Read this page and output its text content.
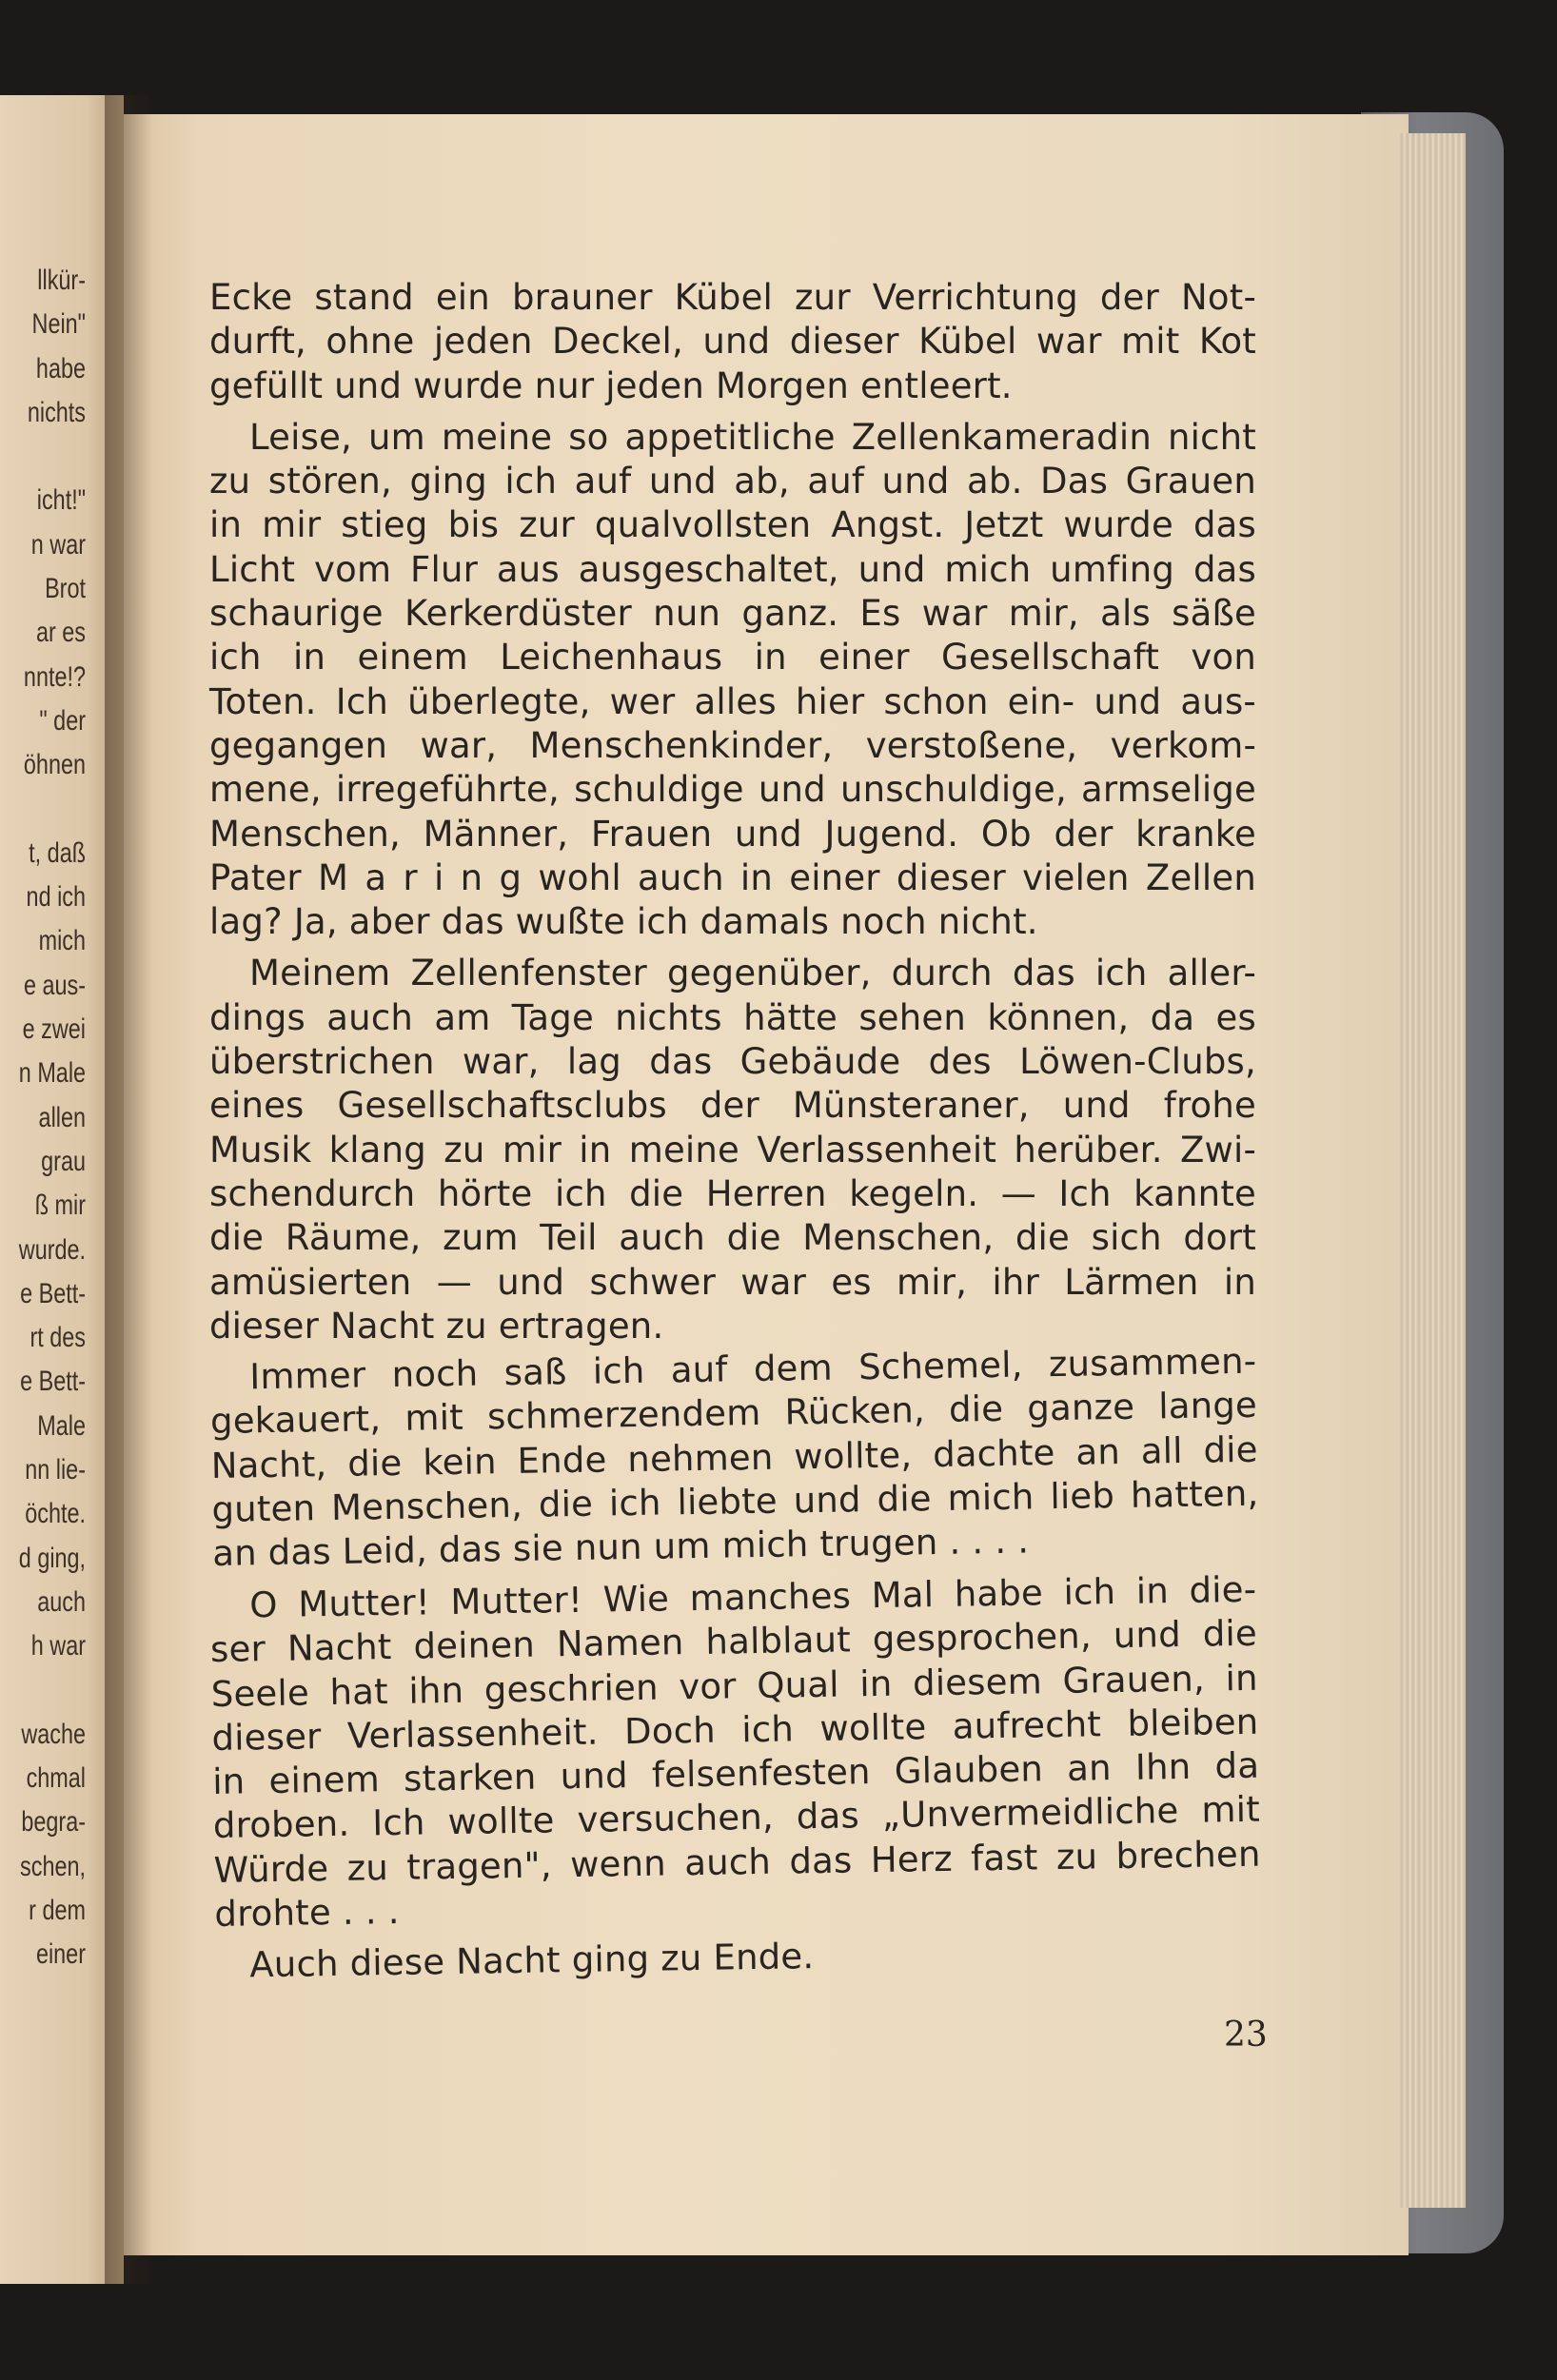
llkür-
Nein"
habe
nichts
icht!"
n war
Brot
ar es
nnte!?
" der
öhnen
t, daß
nd ich
mich
e aus-
e zwei
n Male
allen
grau
ß mir
wurde.
e Bett-
rt des
e Bett-
Male
nn lie-
öchte.
d ging,
auch
h war
wache
chmal
begra-
schen,
r dem
einer

Ecke stand ein brauner Kübel zur Verrichtung der Not-
durft, ohne jeden Deckel, und dieser Kübel war mit Kot
gefüllt und wurde nur jeden Morgen entleert.

Leise, um meine so appetitliche Zellenkameradin nicht
zu stören, ging ich auf und ab, auf und ab. Das Grauen
in mir stieg bis zur qualvollsten Angst. Jetzt wurde das
Licht vom Flur aus ausgeschaltet, und mich umfing das
schaurige Kerkerdüster nun ganz. Es war mir, als säße
ich in einem Leichenhaus in einer Gesellschaft von
Toten. Ich überlegte, wer alles hier schon ein- und aus-
gegangen war, Menschenkinder, verstoßene, verkom-
mene, irregeführte, schuldige und unschuldige, armselige
Menschen, Männer, Frauen und Jugend. Ob der kranke
Pater M a r i n g wohl auch in einer dieser vielen Zellen
lag? Ja, aber das wußte ich damals noch nicht.

Meinem Zellenfenster gegenüber, durch das ich aller-
dings auch am Tage nichts hätte sehen können, da es
überstrichen war, lag das Gebäude des Löwen-Clubs,
eines Gesellschaftsclubs der Münsteraner, und frohe
Musik klang zu mir in meine Verlassenheit herüber. Zwi-
schendurch hörte ich die Herren kegeln. — Ich kannte
die Räume, zum Teil auch die Menschen, die sich dort
amüsierten — und schwer war es mir, ihr Lärmen in
dieser Nacht zu ertragen.

Immer noch saß ich auf dem Schemel, zusammen-
gekauert, mit schmerzendem Rücken, die ganze lange
Nacht, die kein Ende nehmen wollte, dachte an all die
guten Menschen, die ich liebte und die mich lieb hatten,
an das Leid, das sie nun um mich trugen . . . .

O Mutter! Mutter! Wie manches Mal habe ich in die-
ser Nacht deinen Namen halblaut gesprochen, und die
Seele hat ihn geschrien vor Qual in diesem Grauen, in
dieser Verlassenheit. Doch ich wollte aufrecht bleiben
in einem starken und felsenfesten Glauben an Ihn da
droben. Ich wollte versuchen, das „Unvermeidliche mit
Würde zu tragen", wenn auch das Herz fast zu brechen
drohte . . .

Auch diese Nacht ging zu Ende.

23
